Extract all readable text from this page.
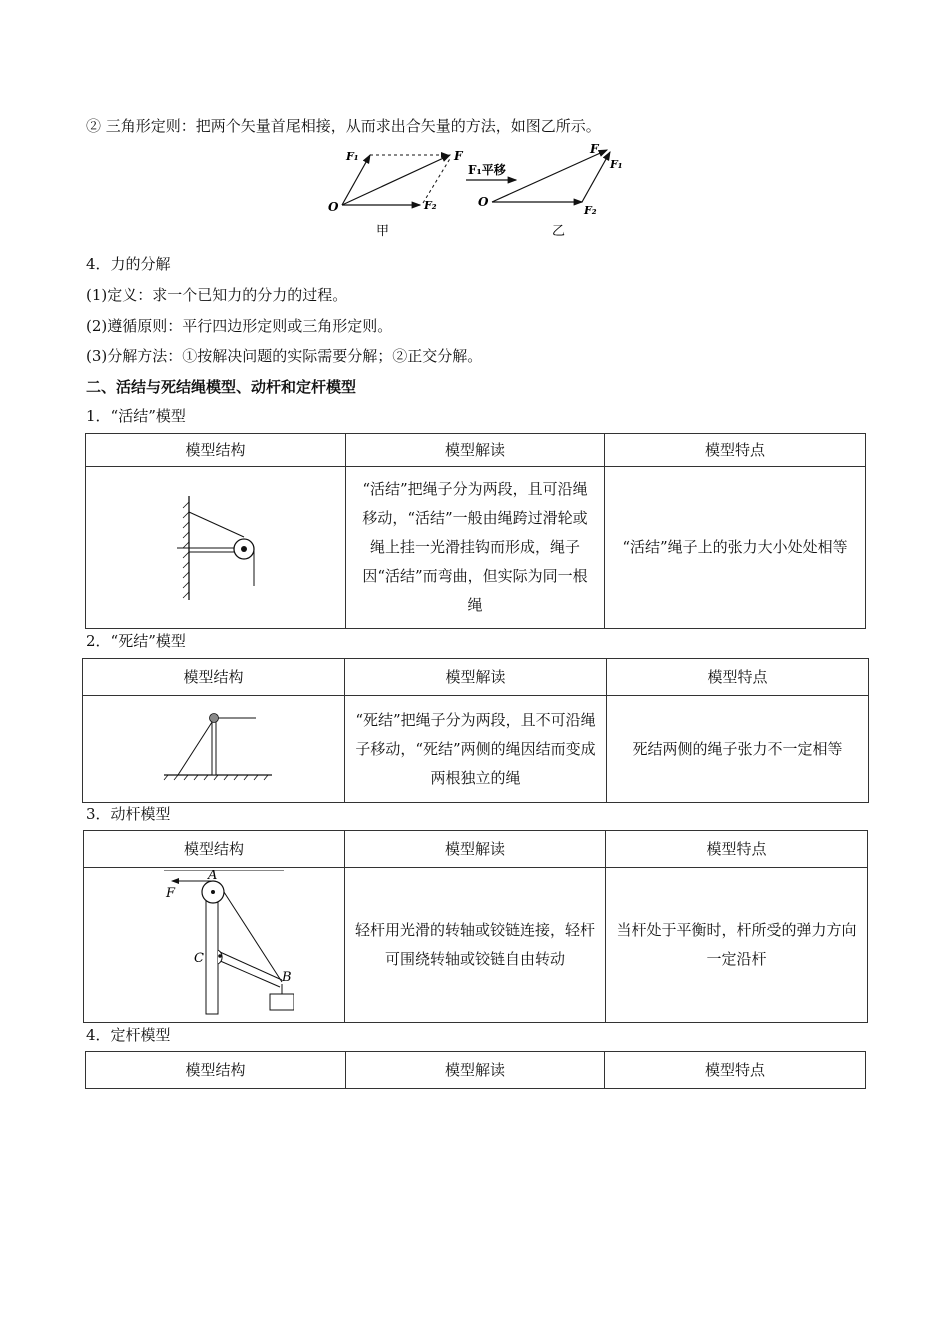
② 三角形定则：把两个矢量首尾相接，从而求出合矢量的方法，如图乙所示。
O
F₁
F₂
F
甲
F₁平移
O
F
F₁
F₂
乙
4．力的分解
(1)定义：求一个已知力的分力的过程。
(2)遵循原则：平行四边形定则或三角形定则。
(3)分解方法：①按解决问题的实际需要分解；②正交分解。
二、活结与死结绳模型、动杆和定杆模型
1．“活结”模型
模型结构	模型解读	模型特点

	“活结”把绳子分为两段，且可沿绳移动，“活结”一般由绳跨过滑轮或绳上挂一光滑挂钩而形成，绳子因“活结”而弯曲，但实际为同一根绳	“活结”绳子上的张力大小处处相等
2．“死结”模型
模型结构	模型解读	模型特点

	“死结”把绳子分为两段，且不可沿绳子移动，“死结”两侧的绳因结而变成两根独立的绳	死结两侧的绳子张力不一定相等
3．动杆模型
模型结构	模型解读	模型特点

A
F
C
B	轻杆用光滑的转轴或铰链连接，轻杆可围绕转轴或铰链自由转动	当杆处于平衡时，杆所受的弹力方向一定沿杆
4．定杆模型
模型结构	模型解读	模型特点
